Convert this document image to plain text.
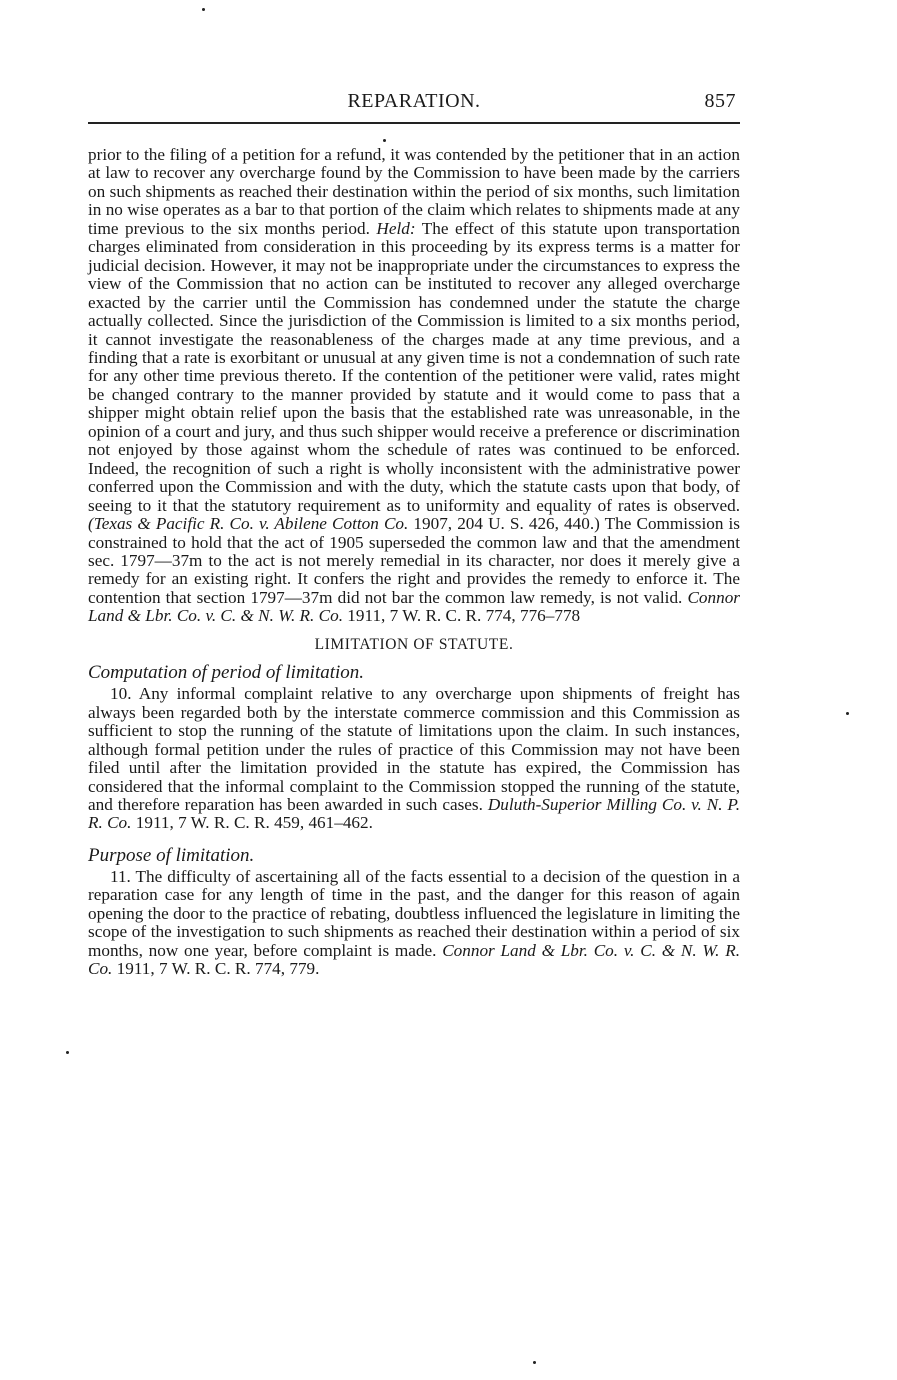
REPARATION.	857

prior to the filing of a petition for a refund, it was contended by the petitioner that in an action at law to recover any overcharge found by the Commission to have been made by the carriers on such shipments as reached their destination within the period of six months, such limitation in no wise operates as a bar to that portion of the claim which relates to shipments made at any time previous to the six months period. Held: The effect of this statute upon transportation charges eliminated from consideration in this proceeding by its express terms is a matter for judicial decision. However, it may not be inappropriate under the circumstances to express the view of the Commission that no action can be instituted to recover any alleged overcharge exacted by the carrier until the Commission has condemned under the statute the charge actually collected. Since the jurisdiction of the Commission is limited to a six months period, it cannot investigate the reasonableness of the charges made at any time previous, and a finding that a rate is exorbitant or unusual at any given time is not a condemnation of such rate for any other time previous thereto. If the contention of the petitioner were valid, rates might be changed contrary to the manner provided by statute and it would come to pass that a shipper might obtain relief upon the basis that the established rate was unreasonable, in the opinion of a court and jury, and thus such shipper would receive a preference or discrimination not enjoyed by those against whom the schedule of rates was continued to be enforced. Indeed, the recognition of such a right is wholly inconsistent with the administrative power conferred upon the Commission and with the duty, which the statute casts upon that body, of seeing to it that the statutory requirement as to uniformity and equality of rates is observed. (Texas & Pacific R. Co. v. Abilene Cotton Co. 1907, 204 U. S. 426, 440.) The Commission is constrained to hold that the act of 1905 superseded the common law and that the amendment sec. 1797—37m to the act is not merely remedial in its character, nor does it merely give a remedy for an existing right. It confers the right and provides the remedy to enforce it. The contention that section 1797—37m did not bar the common law remedy, is not valid. Connor Land & Lbr. Co. v. C. & N. W. R. Co. 1911, 7 W. R. C. R. 774, 776–778

LIMITATION OF STATUTE.
Computation of period of limitation.

10. Any informal complaint relative to any overcharge upon shipments of freight has always been regarded both by the interstate commerce commission and this Commission as sufficient to stop the running of the statute of limitations upon the claim. In such instances, although formal petition under the rules of practice of this Commission may not have been filed until after the limitation provided in the statute has expired, the Commission has considered that the informal complaint to the Commission stopped the running of the statute, and therefore reparation has been awarded in such cases. Duluth-Superior Milling Co. v. N. P. R. Co. 1911, 7 W. R. C. R. 459, 461–462.

Purpose of limitation.

11. The difficulty of ascertaining all of the facts essential to a decision of the question in a reparation case for any length of time in the past, and the danger for this reason of again opening the door to the practice of rebating, doubtless influenced the legislature in limiting the scope of the investigation to such shipments as reached their destination within a period of six months, now one year, before complaint is made. Connor Land & Lbr. Co. v. C. & N. W. R. Co. 1911, 7 W. R. C. R. 774, 779.
